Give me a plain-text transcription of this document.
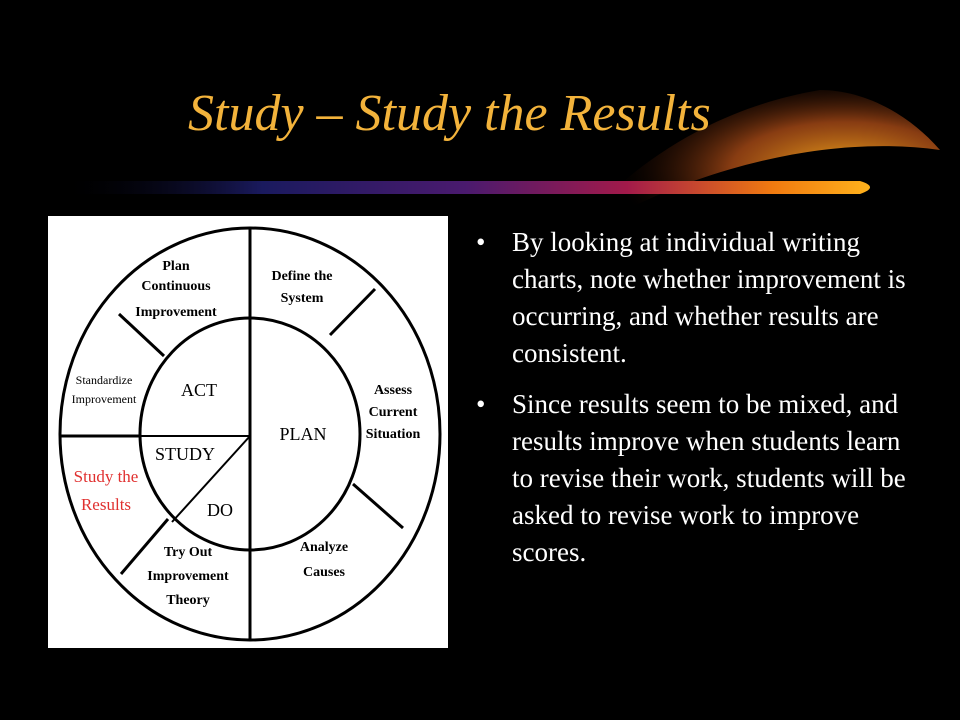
Study – Study the Results
ACT
STUDY
DO
PLAN
Plan
Continuous
Improvement
Define the
System
Assess
Current
Situation
Analyze
Causes
Try Out
Improvement
Theory
Study the
Results
Standardize
Improvement
• By looking at individual writing charts, note whether improvement is occurring, and whether results are consistent.
• Since results seem to be mixed, and results improve when students learn to revise their work, students will be asked to revise work to improve scores.
